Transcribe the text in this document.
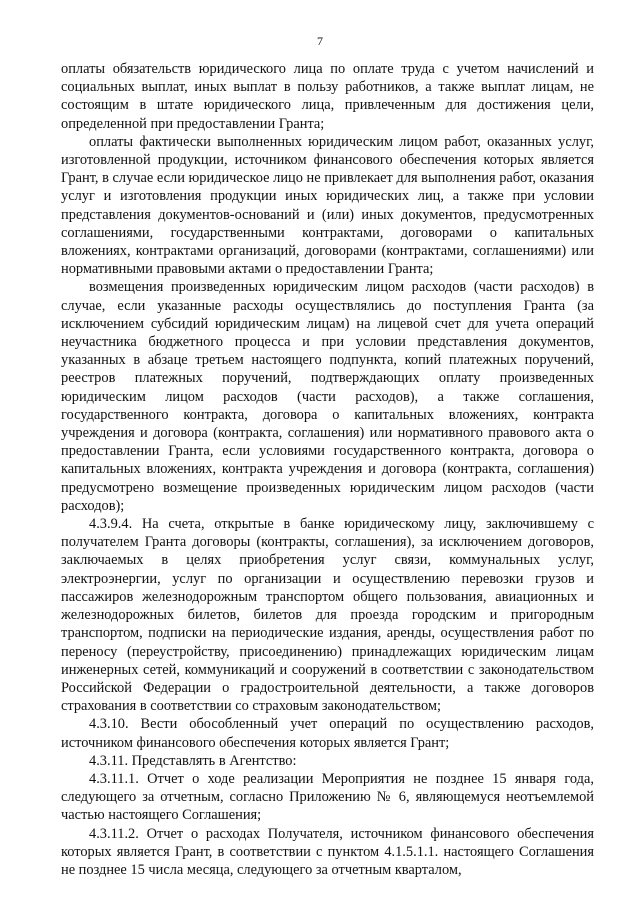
7

оплаты обязательств юридического лица по оплате труда с учетом начислений и социальных выплат, иных выплат в пользу работников, а также выплат лицам, не состоящим в штате юридического лица, привлеченным для достижения цели, определенной при предоставлении Гранта;

оплаты фактически выполненных юридическим лицом работ, оказанных услуг, изготовленной продукции, источником финансового обеспечения которых является Грант, в случае если юридическое лицо не привлекает для выполнения работ, оказания услуг и изготовления продукции иных юридических лиц, а также при условии представления документов-оснований и (или) иных документов, предусмотренных соглашениями, государственными контрактами, договорами о капитальных вложениях, контрактами организаций, договорами (контрактами, соглашениями) или нормативными правовыми актами о предоставлении Гранта;

возмещения произведенных юридическим лицом расходов (части расходов) в случае, если указанные расходы осуществлялись до поступления Гранта (за исключением субсидий юридическим лицам) на лицевой счет для учета операций неучастника бюджетного процесса и при условии представления документов, указанных в абзаце третьем настоящего подпункта, копий платежных поручений, реестров платежных поручений, подтверждающих оплату произведенных юридическим лицом расходов (части расходов), а также соглашения, государственного контракта, договора о капитальных вложениях, контракта учреждения и договора (контракта, соглашения) или нормативного правового акта о предоставлении Гранта, если условиями государственного контракта, договора о капитальных вложениях, контракта учреждения и договора (контракта, соглашения) предусмотрено возмещение произведенных юридическим лицом расходов (части расходов);

4.3.9.4. На счета, открытые в банке юридическому лицу, заключившему с получателем Гранта договоры (контракты, соглашения), за исключением договоров, заключаемых в целях приобретения услуг связи, коммунальных услуг, электроэнергии, услуг по организации и осуществлению перевозки грузов и пассажиров железнодорожным транспортом общего пользования, авиационных и железнодорожных билетов, билетов для проезда городским и пригородным транспортом, подписки на периодические издания, аренды, осуществления работ по переносу (переустройству, присоединению) принадлежащих юридическим лицам инженерных сетей, коммуникаций и сооружений в соответствии с законодательством Российской Федерации о градостроительной деятельности, а также договоров страхования в соответствии со страховым законодательством;

4.3.10. Вести обособленный учет операций по осуществлению расходов, источником финансового обеспечения которых является Грант;

4.3.11. Представлять в Агентство:

4.3.11.1. Отчет о ходе реализации Мероприятия не позднее 15 января года, следующего за отчетным, согласно Приложению № 6, являющемуся неотъемлемой частью настоящего Соглашения;

4.3.11.2. Отчет о расходах Получателя, источником финансового обеспечения которых является Грант, в соответствии с пунктом 4.1.5.1.1. настоящего Соглашения не позднее 15 числа месяца, следующего за отчетным кварталом,
